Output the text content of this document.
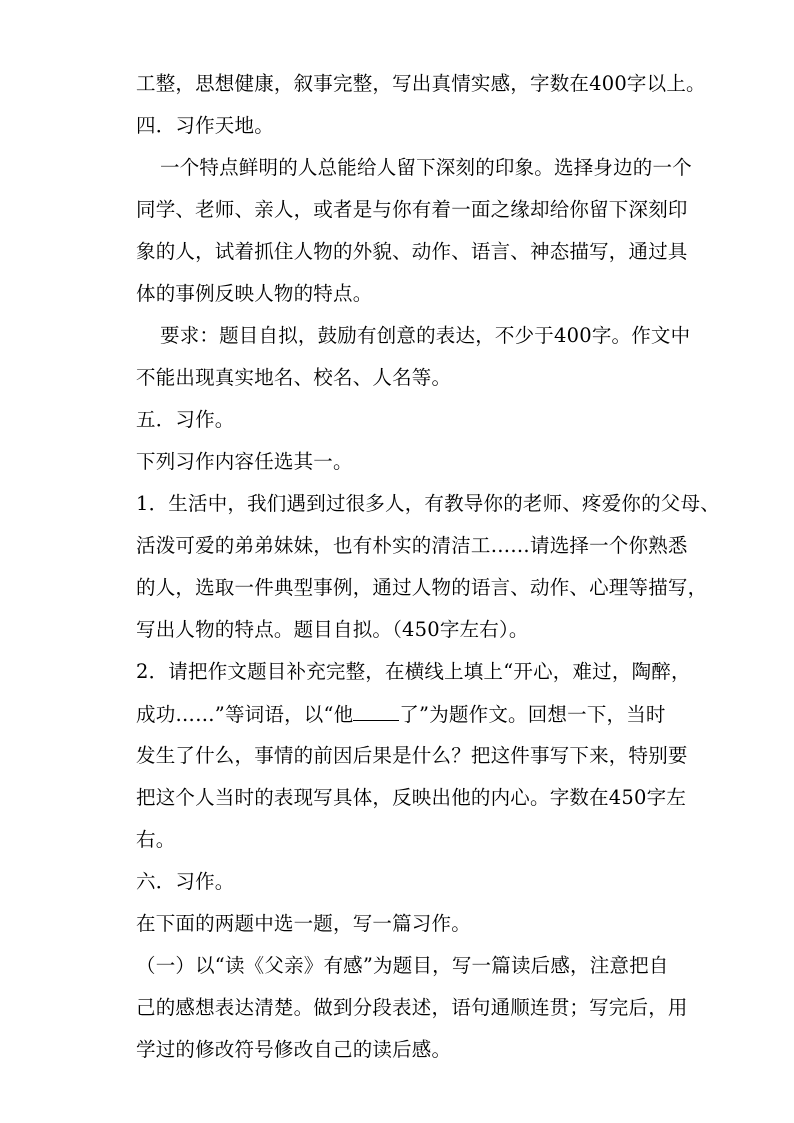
工整，思想健康，叙事完整，写出真情实感，字数在400字以上。
四．习作天地。
一个特点鲜明的人总能给人留下深刻的印象。选择身边的一个
同学、老师、亲人，或者是与你有着一面之缘却给你留下深刻印
象的人，试着抓住人物的外貌、动作、语言、神态描写，通过具
体的事例反映人物的特点。
要求：题目自拟，鼓励有创意的表达，不少于400字。作文中
不能出现真实地名、校名、人名等。
五．习作。
下列习作内容任选其一。
1．生活中，我们遇到过很多人，有教导你的老师、疼爱你的父母、
活泼可爱的弟弟妹妹，也有朴实的清洁工……请选择一个你熟悉
的人，选取一件典型事例，通过人物的语言、动作、心理等描写，
写出人物的特点。题目自拟。（450字左右）。
2．请把作文题目补充完整，在横线上填上“开心，难过，陶醉，
成功……”等词语，以“他 了”为题作文。回想一下，当时
发生了什么，事情的前因后果是什么？把这件事写下来，特别要
把这个人当时的表现写具体，反映出他的内心。字数在450字左
右。
六．习作。
在下面的两题中选一题，写一篇习作。
（一）以“读《父亲》有感”为题目，写一篇读后感，注意把自
己的感想表达清楚。做到分段表述，语句通顺连贯；写完后，用
学过的修改符号修改自己的读后感。
